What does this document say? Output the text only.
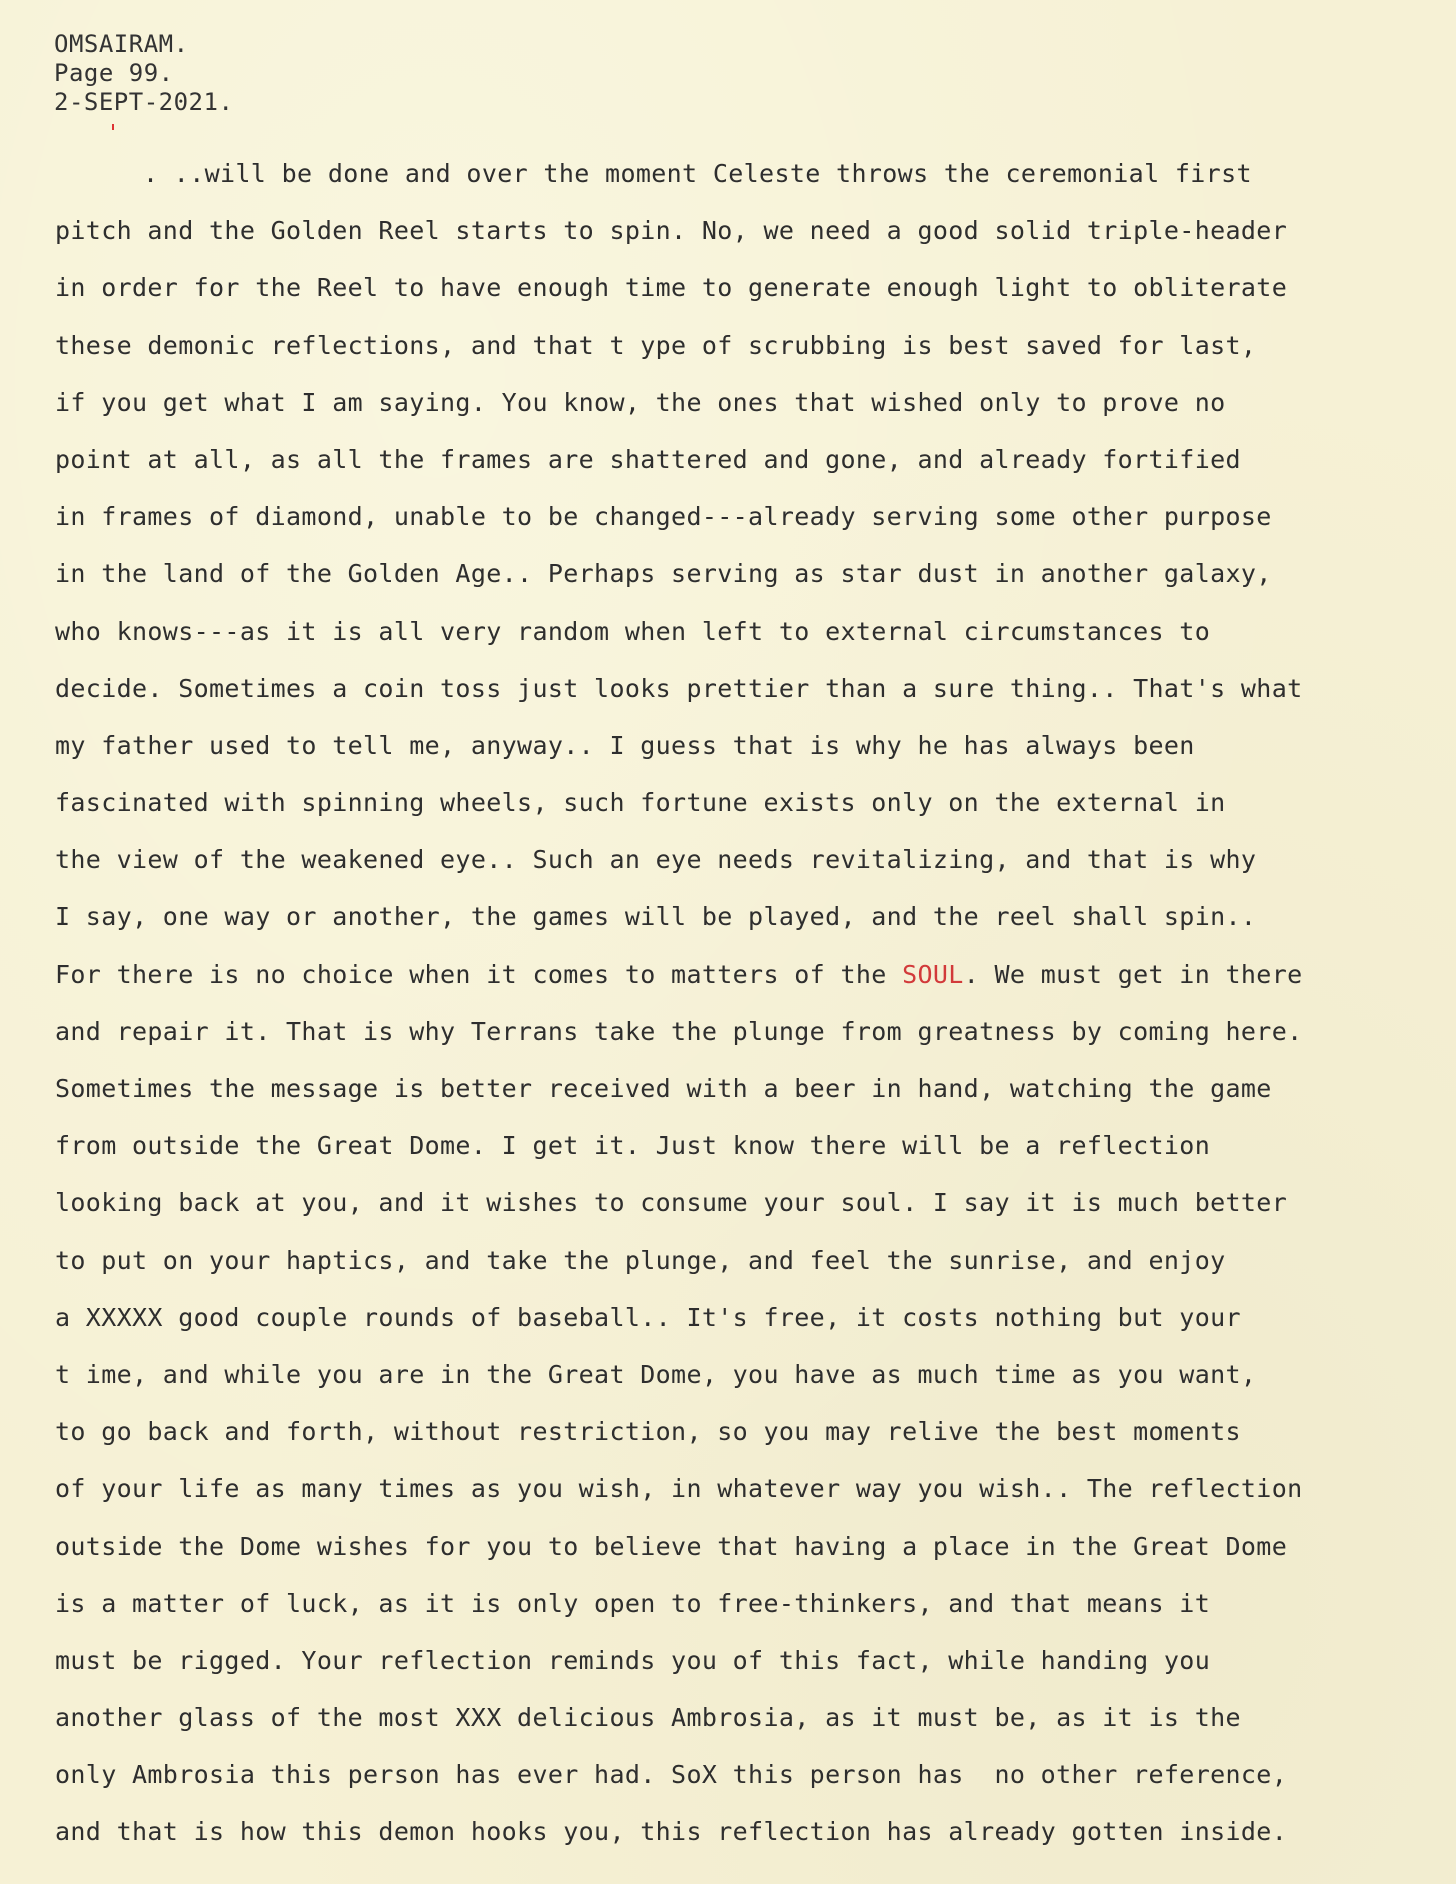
OMSAIRAM.
Page 99.
2-SEPT-2021.
. ..will be done and over the moment Celeste throws the ceremonial first
pitch and the Golden Reel starts to spin. No, we need a good solid triple-header
in order for the Reel to have enough time to generate enough light to obliterate
these demonic reflections, and that t ype of scrubbing is best saved for last,
if you get what I am saying. You know, the ones that wished only to prove no
point at all, as all the frames are shattered and gone, and already fortified
in frames of diamond, unable to be changed---already serving some other purpose
in the land of the Golden Age.. Perhaps serving as star dust in another galaxy,
who knows---as it is all very random when left to external circumstances to
decide. Sometimes a coin toss just looks prettier than a sure thing.. That's what
my father used to tell me, anyway.. I guess that is why he has always been
fascinated with spinning wheels, such fortune exists only on the external in
the view of the weakened eye.. Such an eye needs revitalizing, and that is why
I say, one way or another, the games will be played, and the reel shall spin..
For there is no choice when it comes to matters of the SOUL. We must get in there
and repair it. That is why Terrans take the plunge from greatness by coming here.
Sometimes the message is better received with a beer in hand, watching the game
from outside the Great Dome. I get it. Just know there will be a reflection
looking back at you, and it wishes to consume your soul. I say it is much better
to put on your haptics, and take the plunge, and feel the sunrise, and enjoy
a XXXXX good couple rounds of baseball.. It's free, it costs nothing but your
t ime, and while you are in the Great Dome, you have as much time as you want,
to go back and forth, without restriction, so you may relive the best moments
of your life as many times as you wish, in whatever way you wish.. The reflection
outside the Dome wishes for you to believe that having a place in the Great Dome
is a matter of luck, as it is only open to free-thinkers, and that means it
must be rigged. Your reflection reminds you of this fact, while handing you
another glass of the most XXX delicious Ambrosia, as it must be, as it is the
only Ambrosia this person has ever had. SoX this person has  no other reference,
and that is how this demon hooks you, this reflection has already gotten inside.
